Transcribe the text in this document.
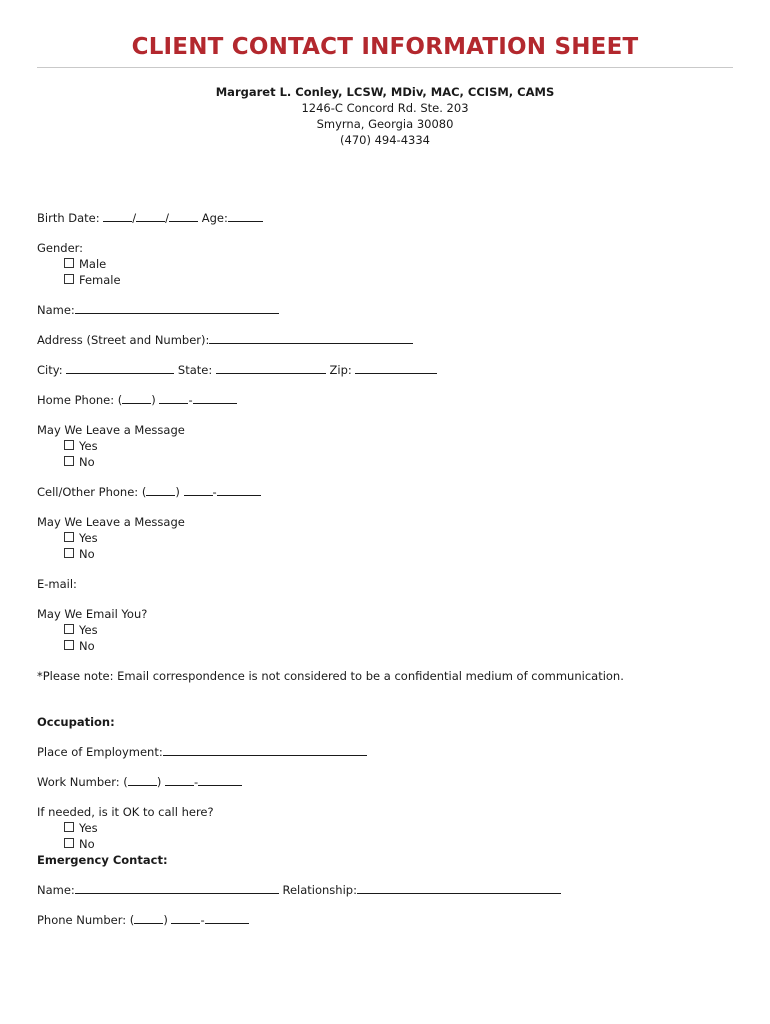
CLIENT CONTACT INFORMATION SHEET
Margaret L. Conley, LCSW, MDiv, MAC, CCISM, CAMS
1246-C Concord Rd. Ste. 203
Smyrna, Georgia 30080
(470) 494-4334
Birth Date:	/	/	Age:
Gender:
Male
Female
Name:
Address (Street and Number):
City:	State:	Zip:
Home Phone: (	)	-
May We Leave a Message
Yes
No
Cell/Other Phone: (	)	-
May We Leave a Message
Yes
No
E-mail:
May We Email You?
Yes
No
*Please note: Email correspondence is not considered to be a confidential medium of communication.
Occupation:
Place of Employment:
Work Number: (	)	-
If needed, is it OK to call here?
Yes
No
Emergency Contact:
Name:	Relationship:
Phone Number: (	)	-
